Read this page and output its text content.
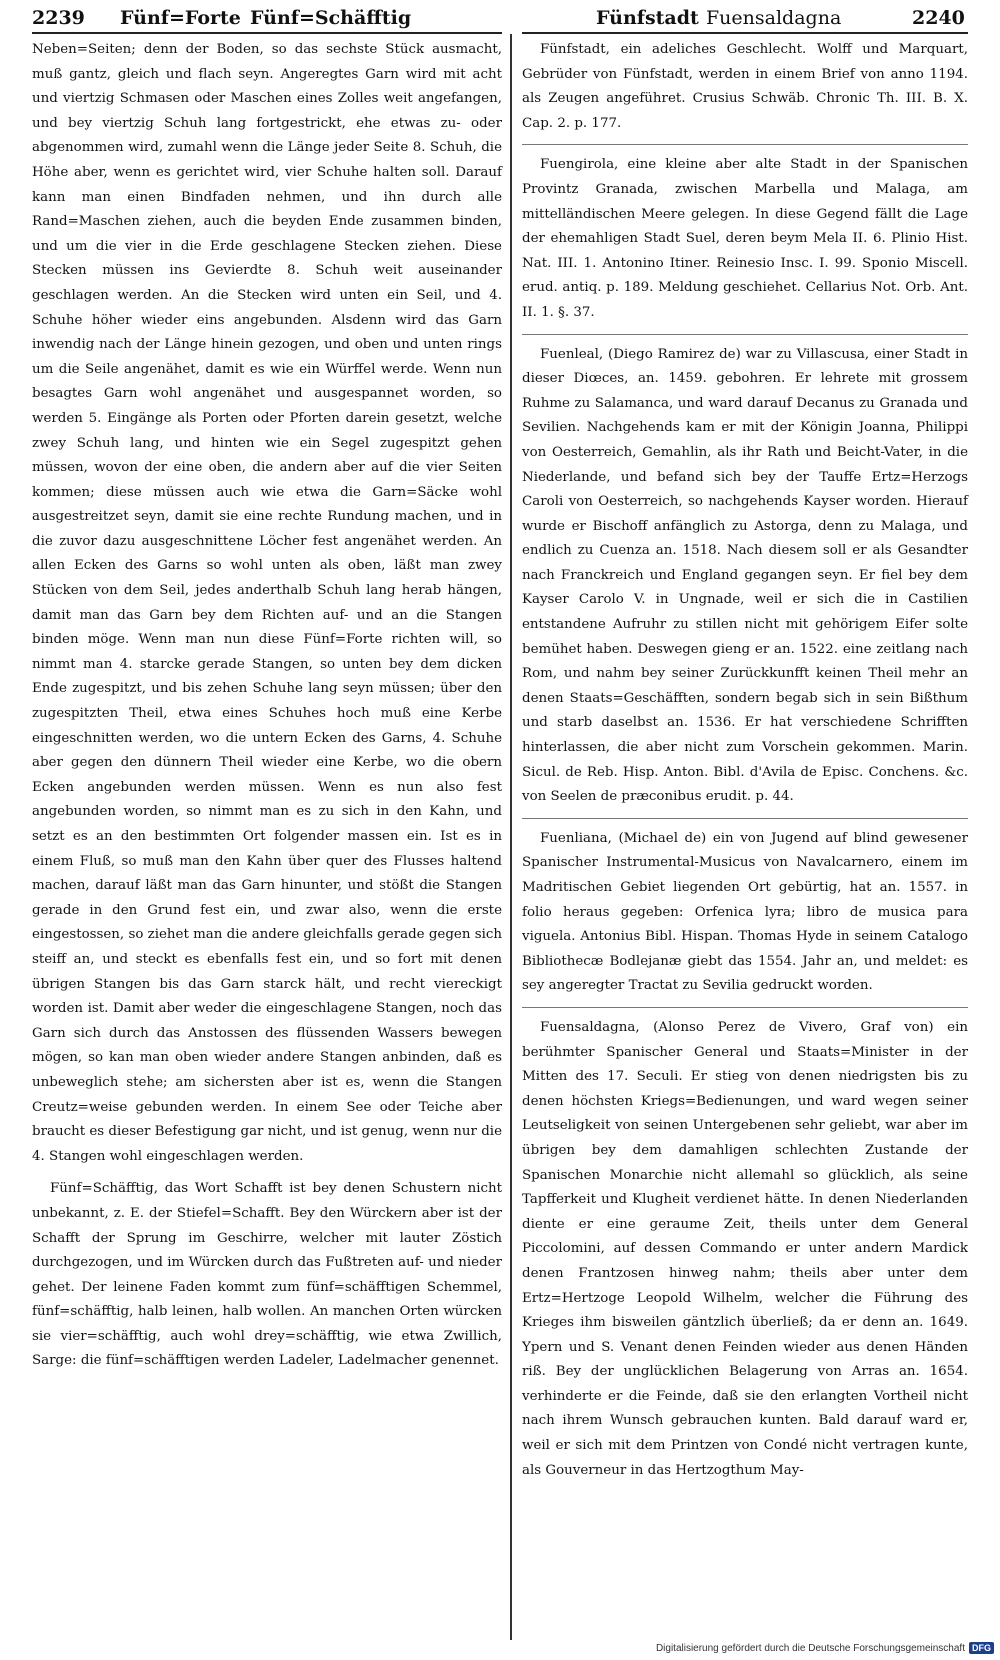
2239 Fünf=Forte Fünf=Schäfftig	Fünfstadt Fuensaldagna	2240

Neben=Seiten; denn der Boden, so das sechste Stück ausmacht, muß gantz, gleich und flach seyn. Angeregtes Garn wird mit acht und viertzig Schmasen oder Maschen eines Zolles weit angefangen, und bey viertzig Schuh lang fortgestrickt, ehe etwas zu- oder abgenommen wird, zumahl wenn die Länge jeder Seite 8. Schuh, die Höhe aber, wenn es gerichtet wird, vier Schuhe halten soll. Darauf kann man einen Bindfaden nehmen, und ihn durch alle Rand=Maschen ziehen, auch die beyden Ende zusammen binden, und um die vier in die Erde geschlagene Stecken ziehen. Diese Stecken müssen ins Gevierdte 8. Schuh weit auseinander geschlagen werden. An die Stecken wird unten ein Seil, und 4. Schuhe höher wieder eins angebunden. Alsdenn wird das Garn inwendig nach der Länge hinein gezogen, und oben und unten rings um die Seile angenähet, damit es wie ein Würffel werde. Wenn nun besagtes Garn wohl angenähet und ausgespannet worden, so werden 5. Eingänge als Porten oder Pforten darein gesetzt, welche zwey Schuh lang, und hinten wie ein Segel zugespitzt gehen müssen, wovon der eine oben, die andern aber auf die vier Seiten kommen; diese müssen auch wie etwa die Garn=Säcke wohl ausgestreitzet seyn, damit sie eine rechte Rundung machen, und in die zuvor dazu ausgeschnittene Löcher fest angenähet werden. An allen Ecken des Garns so wohl unten als oben, läßt man zwey Stücken von dem Seil, jedes anderthalb Schuh lang herab hängen, damit man das Garn bey dem Richten auf- und an die Stangen binden möge. Wenn man nun diese Fünf=Forte richten will, so nimmt man 4. starcke gerade Stangen, so unten bey dem dicken Ende zugespitzt, und bis zehen Schuhe lang seyn müssen; über den zugespitzten Theil, etwa eines Schuhes hoch muß eine Kerbe eingeschnitten werden, wo die untern Ecken des Garns, 4. Schuhe aber gegen den dünnern Theil wieder eine Kerbe, wo die obern Ecken angebunden werden müssen. Wenn es nun also fest angebunden worden, so nimmt man es zu sich in den Kahn, und setzt es an den bestimmten Ort folgender massen ein. Ist es in einem Fluß, so muß man den Kahn über quer des Flusses haltend machen, darauf läßt man das Garn hinunter, und stößt die Stangen gerade in den Grund fest ein, und zwar also, wenn die erste eingestossen, so ziehet man die andere gleichfalls gerade gegen sich steiff an, und steckt es ebenfalls fest ein, und so fort mit denen übrigen Stangen bis das Garn starck hält, und recht viereckigt worden ist. Damit aber weder die eingeschlagene Stangen, noch das Garn sich durch das Anstossen des flüssenden Wassers bewegen mögen, so kan man oben wieder andere Stangen anbinden, daß es unbeweglich stehe; am sichersten aber ist es, wenn die Stangen Creutz=weise gebunden werden. In einem See oder Teiche aber braucht es dieser Befestigung gar nicht, und ist genug, wenn nur die 4. Stangen wohl eingeschlagen werden.

Fünf=Schäfftig, das Wort Schafft ist bey denen Schustern nicht unbekannt, z. E. der Stiefel=Schafft. Bey den Würckern aber ist der Schafft der Sprung im Geschirre, welcher mit lauter Zöstich durchgezogen, und im Würcken durch das Fußtreten auf- und nieder gehet. Der leinene Faden kommt zum fünf=schäfftigen Schemmel, fünf=schäfftig, halb leinen, halb wollen. An manchen Orten würcken sie vier=schäfftig, auch wohl drey=schäfftig, wie etwa Zwillich, Sarge: die fünf=schäfftigen werden Ladeler, Ladelmacher genennet.

Fünfstadt, ein adeliches Geschlecht. Wolff und Marquart, Gebrüder von Fünfstadt, werden in einem Brief von anno 1194. als Zeugen angeführet. Crusius Schwäb. Chronic Th. III. B. X. Cap. 2. p. 177.

Fuengirola, eine kleine aber alte Stadt in der Spanischen Provintz Granada, zwischen Marbella und Malaga, am mittelländischen Meere gelegen. In diese Gegend fällt die Lage der ehemahligen Stadt Suel, deren beym Mela II. 6. Plinio Hist. Nat. III. 1. Antonino Itiner. Reinesio Insc. I. 99. Sponio Miscell. erud. antiq. p. 189. Meldung geschiehet. Cellarius Not. Orb. Ant. II. 1. §. 37.

Fuenleal, (Diego Ramirez de) war zu Villascusa, einer Stadt in dieser Diœces, an. 1459. gebohren. Er lehrete mit grossem Ruhme zu Salamanca, und ward darauf Decanus zu Granada und Sevilien. Nachgehends kam er mit der Königin Joanna, Philippi von Oesterreich, Gemahlin, als ihr Rath und Beicht-Vater, in die Niederlande, und befand sich bey der Tauffe Ertz=Herzogs Caroli von Oesterreich, so nachgehends Kayser worden. Hierauf wurde er Bischoff anfänglich zu Astorga, denn zu Malaga, und endlich zu Cuenza an. 1518. Nach diesem soll er als Gesandter nach Franckreich und England gegangen seyn. Er fiel bey dem Kayser Carolo V. in Ungnade, weil er sich die in Castilien entstandene Aufruhr zu stillen nicht mit gehörigem Eifer solte bemühet haben. Deswegen gieng er an. 1522. eine zeitlang nach Rom, und nahm bey seiner Zurückkunfft keinen Theil mehr an denen Staats=Geschäfften, sondern begab sich in sein Bißthum und starb daselbst an. 1536. Er hat verschiedene Schrifften hinterlassen, die aber nicht zum Vorschein gekommen. Marin. Sicul. de Reb. Hisp. Anton. Bibl. d'Avila de Episc. Conchens. &c. von Seelen de præconibus erudit. p. 44.

Fuenliana, (Michael de) ein von Jugend auf blind gewesener Spanischer Instrumental-Musicus von Navalcarnero, einem im Madritischen Gebiet liegenden Ort gebürtig, hat an. 1557. in folio heraus gegeben: Orfenica lyra; libro de musica para viguela. Antonius Bibl. Hispan. Thomas Hyde in seinem Catalogo Bibliothecæ Bodlejanæ giebt das 1554. Jahr an, und meldet: es sey angeregter Tractat zu Sevilia gedruckt worden.

Fuensaldagna, (Alonso Perez de Vivero, Graf von) ein berühmter Spanischer General und Staats=Minister in der Mitten des 17. Seculi. Er stieg von denen niedrigsten bis zu denen höchsten Kriegs=Bedienungen, und ward wegen seiner Leutseligkeit von seinen Untergebenen sehr geliebt, war aber im übrigen bey dem damahligen schlechten Zustande der Spanischen Monarchie nicht allemahl so glücklich, als seine Tapfferkeit und Klugheit verdienet hätte. In denen Niederlanden diente er eine geraume Zeit, theils unter dem General Piccolomini, auf dessen Commando er unter andern Mardick denen Frantzosen hinweg nahm; theils aber unter dem Ertz=Hertzoge Leopold Wilhelm, welcher die Führung des Krieges ihm bisweilen gäntzlich überließ; da er denn an. 1649. Ypern und S. Venant denen Feinden wieder aus denen Händen riß. Bey der unglücklichen Belagerung von Arras an. 1654. verhinderte er die Feinde, daß sie den erlangten Vortheil nicht nach ihrem Wunsch gebrauchen kunten. Bald darauf ward er, weil er sich mit dem Printzen von Condé nicht vertragen kunte, als Gouverneur in das Hertzogthum May-

Digitalisierung gefördert durch die Deutsche Forschungsgemeinschaft DFG
